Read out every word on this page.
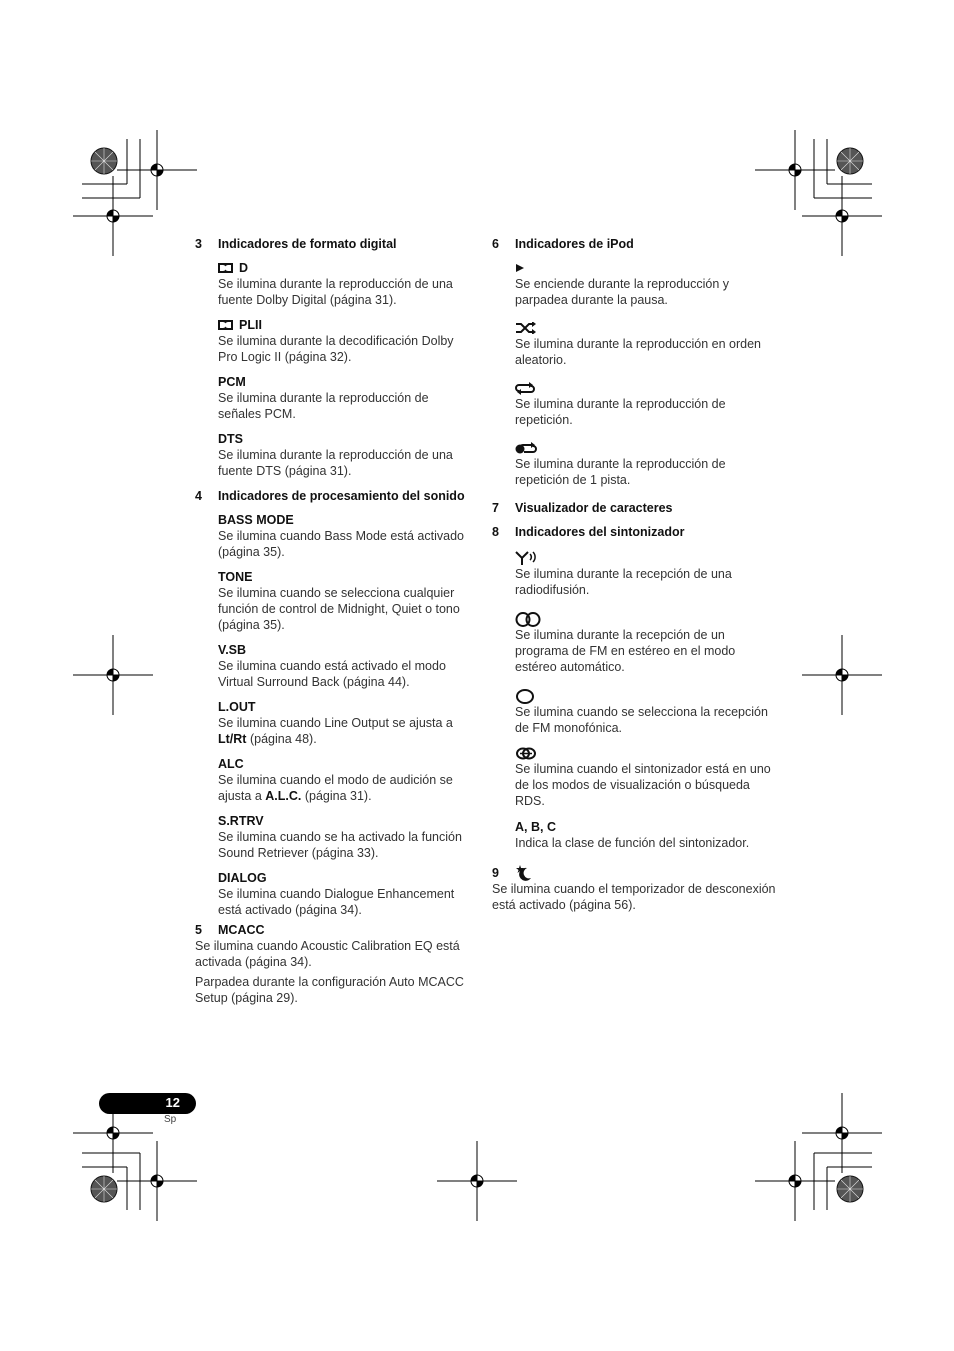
3	Indicadores de formato digital
D
Se ilumina durante la reproducción de una fuente Dolby Digital (página 31).
PLII
Se ilumina durante la decodificación Dolby Pro Logic II (página 32).
PCM
Se ilumina durante la reproducción de señales PCM.
DTS
Se ilumina durante la reproducción de una fuente DTS (página 31).
4	Indicadores de procesamiento del sonido
BASS MODE
Se ilumina cuando Bass Mode está activado (página 35).
TONE
Se ilumina cuando se selecciona cualquier función de control de Midnight, Quiet o tono (página 35).
V.SB
Se ilumina cuando está activado el modo Virtual Surround Back (página 44).
L.OUT
Se ilumina cuando Line Output se ajusta a Lt/Rt (página 48).
ALC
Se ilumina cuando el modo de audición se ajusta a A.L.C. (página 31).
S.RTRV
Se ilumina cuando se ha activado la función Sound Retriever (página 33).
DIALOG
Se ilumina cuando Dialogue Enhancement está activado (página 34).
5	MCACC
Se ilumina cuando Acoustic Calibration EQ está activada (página 34).
Parpadea durante la configuración Auto MCACC Setup (página 29).
6	Indicadores de iPod
Se enciende durante la reproducción y parpadea durante la pausa.
Se ilumina durante la reproducción en orden aleatorio.
Se ilumina durante la reproducción de repetición.
Se ilumina durante la reproducción de repetición de 1 pista.
7	Visualizador de caracteres
8	Indicadores del sintonizador
Se ilumina durante la recepción de una radiodifusión.
Se ilumina durante la recepción de un programa de FM en estéreo en el modo estéreo automático.
Se ilumina cuando se selecciona la recepción de FM monofónica.
Se ilumina cuando el sintonizador está en uno de los modos de visualización o búsqueda RDS.
A, B, C
Indica la clase de función del sintonizador.
9
Se ilumina cuando el temporizador de desconexión está activado (página 56).
12
Sp
